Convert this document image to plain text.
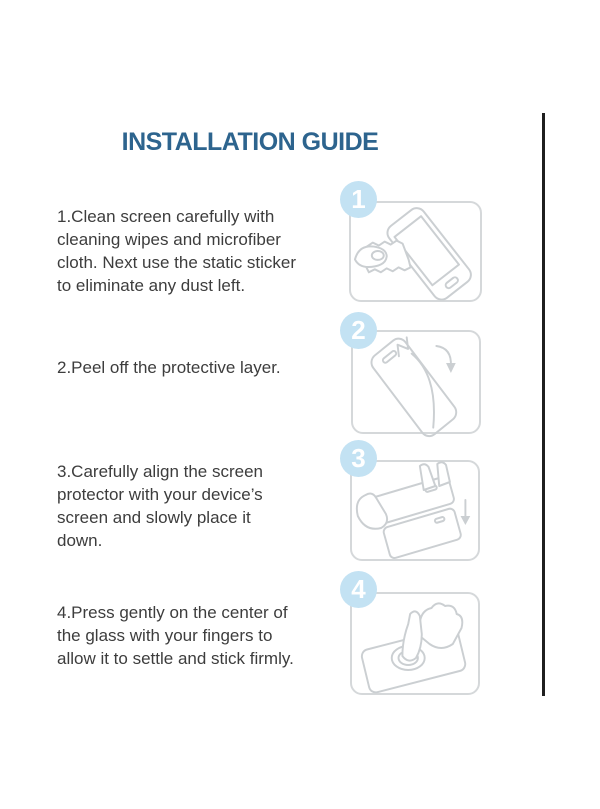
INSTALLATION GUIDE
1.Clean screen carefully with
cleaning wipes and microfiber
cloth. Next use the static sticker
to eliminate any dust left.
2.Peel off the protective layer.
3.Carefully align the screen
protector with your device’s
screen and slowly place it
down.
4.Press gently on the center of
the glass with your fingers to
allow it to settle and stick firmly.
1
2
3
4
